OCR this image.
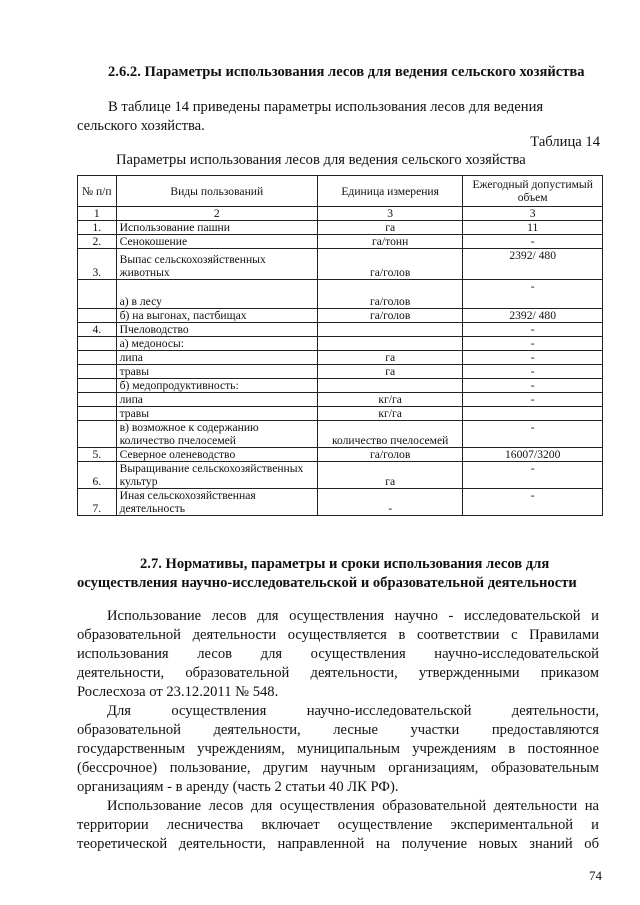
2.6.2. Параметры использования лесов для ведения сельского хозяйства
В таблице 14 приведены параметры использования лесов для ведения
сельского хозяйства.
Таблица 14
Параметры использования лесов для ведения сельского хозяйства
№ п/п	Виды пользований	Единица измерения	Ежегодный допустимый объем
1	2	3	3
1.	Использование пашни	га	11
2.	Сенокошение	га/тонн	-
3.	Выпас сельскохозяйственных животных	га/голов	2392/ 480
	а) в лесу	га/голов	-
	б) на выгонах, пастбищах	га/голов	2392/ 480
4.	Пчеловодство		-
	а) медоносы:		-
	липа	га	-
	травы	га	-
	б) медопродуктивность:		-
	липа	кг/га	-
	травы	кг/га	
	в) возможное к содержанию количество пчелосемей	количество пчелосемей	-
5.	Северное оленеводство	га/голов	16007/3200
6.	Выращивание сельскохозяйственных культур	га	-
7.	Иная сельскохозяйственная деятельность	-	-
2.7. Нормативы, параметры и сроки использования лесов для
осуществления научно-исследовательской и образовательной деятельности
Использование лесов для осуществления научно - исследовательской и
образовательной деятельности осуществляется в соответствии с Правилами
использования лесов для осуществления научно-исследовательской
деятельности, образовательной деятельности, утвержденными приказом
Рослесхоза от 23.12.2011 № 548.
Для осуществления научно-исследовательской деятельности,
образовательной деятельности, лесные участки предоставляются
государственным учреждениям, муниципальным учреждениям в постоянное
(бессрочное) пользование, другим научным организациям, образовательным
организациям - в аренду (часть 2 статьи 40 ЛК РФ).
Использование лесов для осуществления образовательной деятельности на
территории лесничества включает осуществление экспериментальной и
теоретической деятельности, направленной на получение новых знаний об
74
